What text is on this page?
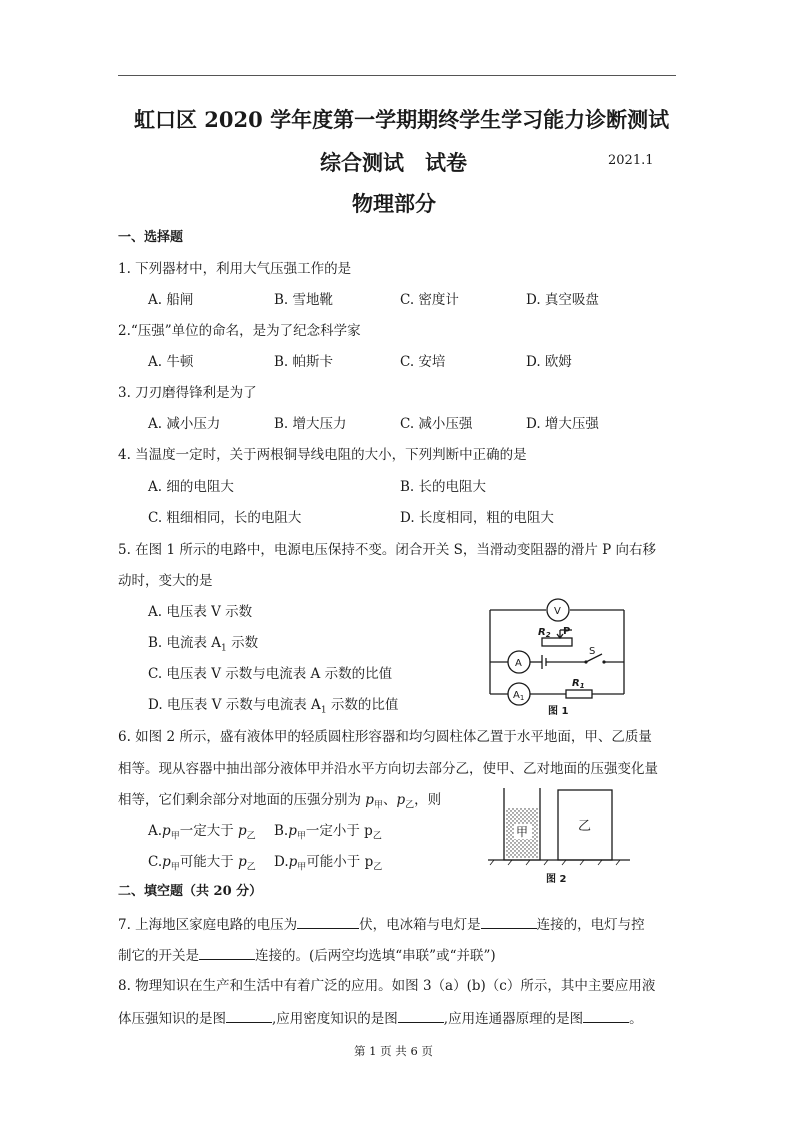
虹口区 2020 学年度第一学期期终学生学习能力诊断测试
综合测试　试卷	2021.1
物理部分
一、选择题
1. 下列器材中，利用大气压强工作的是
A. 船闸	B. 雪地靴	C. 密度计	D. 真空吸盘
2.“压强”单位的命名，是为了纪念科学家
A. 牛顿	B. 帕斯卡	C. 安培	D. 欧姆
3. 刀刃磨得锋利是为了
A. 减小压力	B. 增大压力	C. 减小压强	D. 增大压强
4. 当温度一定时，关于两根铜导线电阻的大小，下列判断中正确的是
A. 细的电阻大	B. 长的电阻大
C. 粗细相同，长的电阻大	D. 长度相同，粗的电阻大
5. 在图 1 所示的电路中，电源电压保持不变。闭合开关 S，当滑动变阻器的滑片 P 向右移
动时，变大的是
A. 电压表 V 示数
B. 电流表 $A_1$ 示数
C. 电压表 V 示数与电流表 A 示数的比值
D. 电压表 V 示数与电流表 $A_1$ 示数的比值
V
A
$A_1$
$R_2$ P
S
$R_1$
图 1
6. 如图 2 所示，盛有液体甲的轻质圆柱形容器和均匀圆柱体乙置于水平地面，甲、乙质量
相等。现从容器中抽出部分液体甲并沿水平方向切去部分乙，使甲、乙对地面的压强变化量
相等，它们剩余部分对地面的压强分别为 $p_甲$、$p_乙$，则
$A.p_甲$一定大于 $p_乙$ $B.p_甲$一定小于 $p_乙$
$C.p_甲$可能大于 $p_乙$ $D.p_甲$可能小于 $p_乙$
甲	乙
图 2
二、填空题（共 20 分）
7. 上海地区家庭电路的电压为	伏，电冰箱与电灯是	连接的，电灯与控
制它的开关是	连接的。(后两空均选填“串联”或“并联”)
8. 物理知识在生产和生活中有着广泛的应用。如图 3（a）(b)（c）所示，其中主要应用液
体压强知识的是图	,应用密度知识的是图	,应用连通器原理的是图	。
第 1 页 共 6 页
